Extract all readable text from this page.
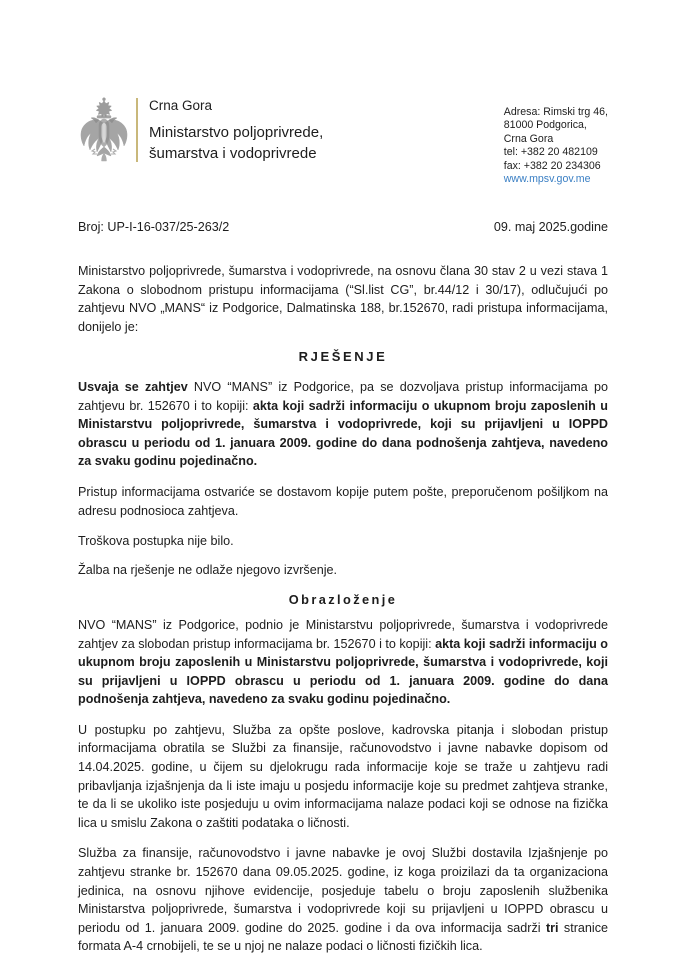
Crna Gora
Ministarstvo poljoprivrede,
šumarstva i vodoprivrede
Adresa: Rimski trg 46,
81000 Podgorica,
Crna Gora
tel: +382 20 482109
fax: +382 20 234306
www.mpsv.gov.me
Broj: UP-I-16-037/25-263/2	09. maj 2025.godine

Ministarstvo poljoprivrede, šumarstva i vodoprivrede, na osnovu člana 30 stav 2 u vezi stava 1 Zakona o slobodnom pristupu informacijama (“Sl.list CG”, br.44/12 i 30/17), odlučujući po zahtjevu NVO „MANS“ iz Podgorice, Dalmatinska 188, br.152670, radi pristupa informacijama, donijelo je:

RJEŠENJE

Usvaja se zahtjev NVO “MANS” iz Podgorice, pa se dozvoljava pristup informacijama po zahtjevu br. 152670 i to kopiji: akta koji sadrži informaciju o ukupnom broju zaposlenih u Ministarstvu poljoprivrede, šumarstva i vodoprivrede, koji su prijavljeni u IOPPD obrascu u periodu od 1. januara 2009. godine do dana podnošenja zahtjeva, navedeno za svaku godinu pojedinačno.

Pristup informacijama ostvariće se dostavom kopije putem pošte, preporučenom pošiljkom na adresu podnosioca zahtjeva.

Troškova postupka nije bilo.

Žalba na rješenje ne odlaže njegovo izvršenje.

Obrazloženje

NVO “MANS” iz Podgorice, podnio je Ministarstvu poljoprivrede, šumarstva i vodoprivrede zahtjev za slobodan pristup informacijama br. 152670 i to kopiji: akta koji sadrži informaciju o ukupnom broju zaposlenih u Ministarstvu poljoprivrede, šumarstva i vodoprivrede, koji su prijavljeni u IOPPD obrascu u periodu od 1. januara 2009. godine do dana podnošenja zahtjeva, navedeno za svaku godinu pojedinačno.

U postupku po zahtjevu, Služba za opšte poslove, kadrovska pitanja i slobodan pristup informacijama obratila se Službi za finansije, računovodstvo i javne nabavke dopisom od 14.04.2025. godine, u čijem su djelokrugu rada informacije koje se traže u zahtjevu radi pribavljanja izjašnjenja da li iste imaju u posjedu informacije koje su predmet zahtjeva stranke, te da li se ukoliko iste posjeduju u ovim informacijama nalaze podaci koji se odnose na fizička lica u smislu Zakona o zaštiti podataka o ličnosti.

Služba za finansije, računovodstvo i javne nabavke je ovoj Službi dostavila Izjašnjenje po zahtjevu stranke br. 152670 dana 09.05.2025. godine, iz koga proizilazi da ta organizaciona jedinica, na osnovu njihove evidencije, posjeduje tabelu o broju zaposlenih službenika Ministarstva poljoprivrede, šumarstva i vodoprivrede koji su prijavljeni u IOPPD obrascu u periodu od 1. januara 2009. godine do 2025. godine i da ova informacija sadrži tri stranice formata A-4 crnobijeli, te se u njoj ne nalaze podaci o ličnosti fizičkih lica.
